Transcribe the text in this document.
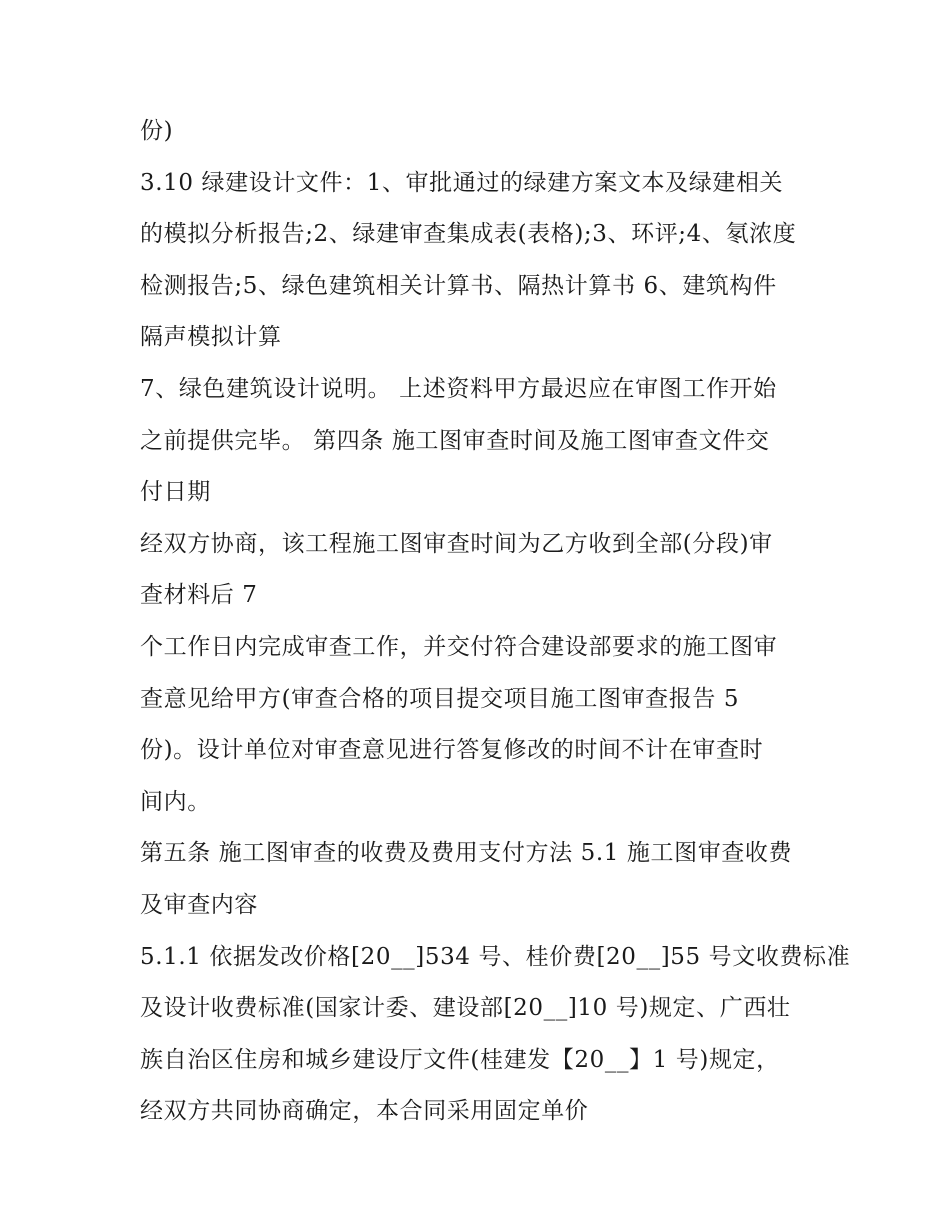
份)
3.10 绿建设计文件：1、审批通过的绿建方案文本及绿建相关
的模拟分析报告;2、绿建审查集成表(表格);3、环评;4、氡浓度
检测报告;5、绿色建筑相关计算书、隔热计算书 6、建筑构件
隔声模拟计算
7、绿色建筑设计说明。 上述资料甲方最迟应在审图工作开始
之前提供完毕。 第四条 施工图审查时间及施工图审查文件交
付日期
经双方协商，该工程施工图审查时间为乙方收到全部(分段)审
查材料后 7
个工作日内完成审查工作，并交付符合建设部要求的施工图审
查意见给甲方(审查合格的项目提交项目施工图审查报告 5
份)。设计单位对审查意见进行答复修改的时间不计在审查时
间内。
第五条 施工图审查的收费及费用支付方法 5.1 施工图审查收费
及审查内容
5.1.1 依据发改价格[20__]534 号、桂价费[20__]55 号文收费标准
及设计收费标准(国家计委、建设部[20__]10 号)规定、广西壮
族自治区住房和城乡建设厅文件(桂建发【20__】1 号)规定，
经双方共同协商确定，本合同采用固定单价
